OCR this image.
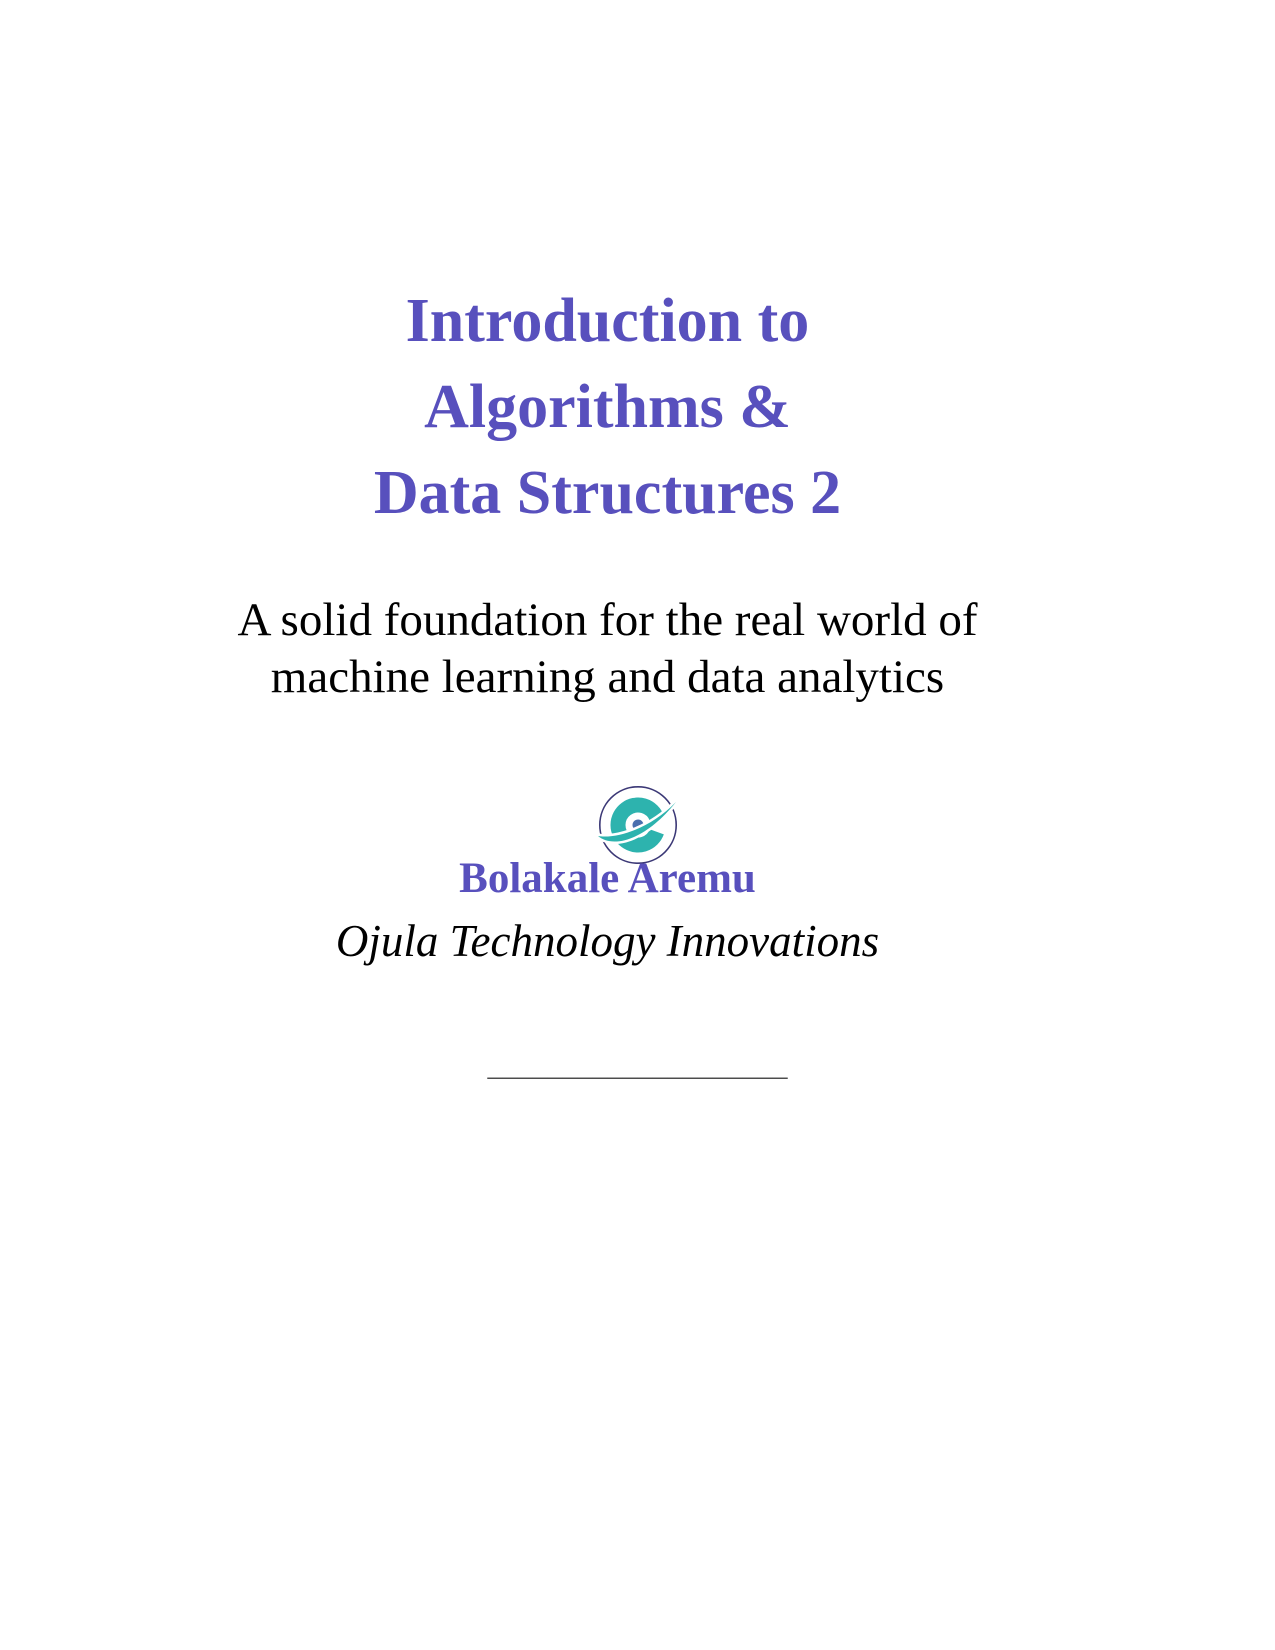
Introduction to
Algorithms &
Data Structures 2
A solid foundation for the real world of
machine learning and data analytics
Bolakale Aremu
Ojula Technology Innovations
____________________
